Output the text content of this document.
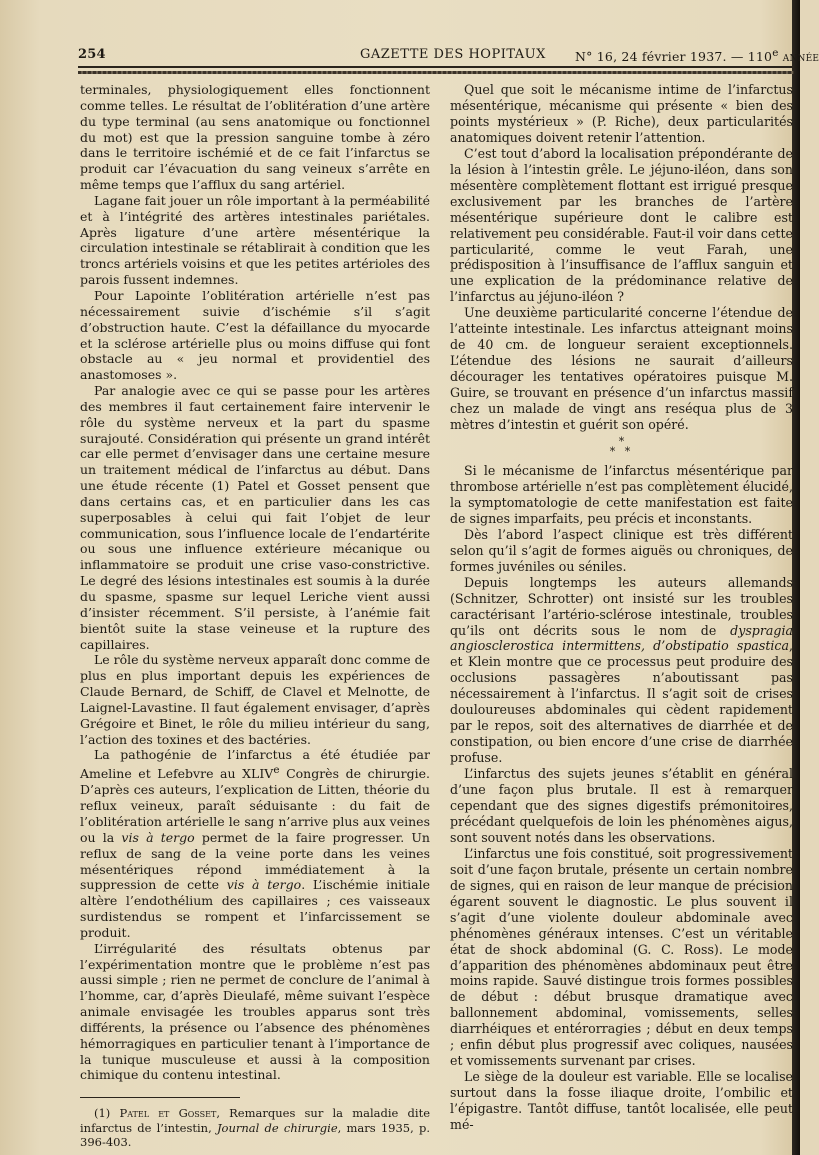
254	GAZETTE DES HOPITAUX N° 16, 24 février 1937. — 110e année

terminales, physiologiquement elles fonctionnent comme telles. Le résultat de l’oblitération d’une artère du type terminal (au sens anatomique ou fonctionnel du mot) est que la pression sanguine tombe à zéro dans le territoire ischémié et de ce fait l’infarctus se produit car l’évacuation du sang veineux s’arrête en même temps que l’afflux du sang artériel.

Lagane fait jouer un rôle important à la perméabilité et à l’intégrité des artères intestinales pariétales. Après ligature d’une artère mésentérique la circulation intestinale se rétablirait à condition que les troncs artériels voisins et que les petites artérioles des parois fussent indemnes.

Pour Lapointe l’oblitération artérielle n’est pas nécessairement suivie d’ischémie s’il s’agit d’obstruction haute. C’est la défaillance du myocarde et la sclérose artérielle plus ou moins diffuse qui font obstacle au « jeu normal et providentiel des anastomoses ».

Par analogie avec ce qui se passe pour les artères des membres il faut certainement faire intervenir le rôle du système nerveux et la part du spasme surajouté. Considération qui présente un grand intérêt car elle permet d’envisager dans une certaine mesure un traitement médical de l’infarctus au début. Dans une étude récente (1) Patel et Gosset pensent que dans certains cas, et en particulier dans les cas superposables à celui qui fait l’objet de leur communication, sous l’influence locale de l’endartérite ou sous une influence extérieure mécanique ou inflammatoire se produit une crise vaso-constrictive. Le degré des lésions intestinales est soumis à la durée du spasme, spasme sur lequel Leriche vient aussi d’insister récemment. S’il persiste, à l’anémie fait bientôt suite la stase veineuse et la rupture des capillaires.

Le rôle du système nerveux apparaît donc comme de plus en plus important depuis les expériences de Claude Bernard, de Schiff, de Clavel et Melnotte, de Laignel-Lavastine. Il faut également envisager, d’après Grégoire et Binet, le rôle du milieu intérieur du sang, l’action des toxines et des bactéries.

La pathogénie de l’infarctus a été étudiée par Ameline et Lefebvre au XLIVe Congrès de chirurgie. D’après ces auteurs, l’explication de Litten, théorie du reflux veineux, paraît séduisante : du fait de l’oblitération artérielle le sang n’arrive plus aux veines ou la vis à tergo permet de la faire progresser. Un reflux de sang de la veine porte dans les veines mésentériques répond immédiatement à la suppression de cette vis à tergo. L’ischémie initiale altère l’endothélium des capillaires ; ces vaisseaux surdistendus se rompent et l’infarcissement se produit.

L’irrégularité des résultats obtenus par l’expérimentation montre que le problème n’est pas aussi simple ; rien ne permet de conclure de l’animal à l’homme, car, d’après Dieulafé, même suivant l’espèce animale envisagée les troubles apparus sont très différents, la présence ou l’absence des phénomènes hémorragiques en particulier tenant à l’importance de la tunique musculeuse et aussi à la composition chimique du contenu intestinal.

(1) Patel et Gosset, Remarques sur la maladie dite infarctus de l’intestin, Journal de chirurgie, mars 1935, p. 396-403.

Quel que soit le mécanisme intime de l’infarctus mésentérique, mécanisme qui présente « bien des points mystérieux » (P. Riche), deux particularités anatomiques doivent retenir l’attention.

C’est tout d’abord la localisation prépondérante de la lésion à l’intestin grêle. Le jéjuno-iléon, dans son mésentère complètement flottant est irrigué presque exclusivement par les branches de l’artère mésentérique supérieure dont le calibre est relativement peu considérable. Faut-il voir dans cette particularité, comme le veut Farah, une prédisposition à l’insuffisance de l’afflux sanguin et une explication de la prédominance relative de l’infarctus au jéjuno-iléon ?

Une deuxième particularité concerne l’étendue de l’atteinte intestinale. Les infarctus atteignant moins de 40 cm. de longueur seraient exceptionnels. L’étendue des lésions ne saurait d’ailleurs décourager les tentatives opératoires puisque M. Guire, se trouvant en présence d’un infarctus massif chez un malade de vingt ans reséqua plus de 3 mètres d’intestin et guérit son opéré.

*
* *

Si le mécanisme de l’infarctus mésentérique par thrombose artérielle n’est pas complètement élucidé, la symptomatologie de cette manifestation est faite de signes imparfaits, peu précis et inconstants.

Dès l’abord l’aspect clinique est très différent selon qu’il s’agit de formes aiguës ou chroniques, de formes juvéniles ou séniles.

Depuis longtemps les auteurs allemands (Schnitzer, Schrotter) ont insisté sur les troubles caractérisant l’artério-sclérose intestinale, troubles qu’ils ont décrits sous le nom de dyspragia angiosclerostica intermittens, d’obstipatio spastica, et Klein montre que ce processus peut produire des occlusions passagères n’aboutissant pas nécessairement à l’infarctus. Il s’agit soit de crises douloureuses abdominales qui cèdent rapidement par le repos, soit des alternatives de diarrhée et de constipation, ou bien encore d’une crise de diarrhée profuse.

L’infarctus des sujets jeunes s’établit en général d’une façon plus brutale. Il est à remarquer cependant que des signes digestifs prémonitoires, précédant quelquefois de loin les phénomènes aigus, sont souvent notés dans les observations.

L’infarctus une fois constitué, soit progressivement soit d’une façon brutale, présente un certain nombre de signes, qui en raison de leur manque de précision égarent souvent le diagnostic. Le plus souvent il s’agit d’une violente douleur abdominale avec phénomènes généraux intenses. C’est un véritable état de shock abdominal (G. C. Ross). Le mode d’apparition des phénomènes abdominaux peut être moins rapide. Sauvé distingue trois formes possibles de début : début brusque dramatique avec ballonnement abdominal, vomissements, selles diarrhéiques et entérorragies ; début en deux temps ; enfin début plus progressif avec coliques, nausées et vomissements survenant par crises.

Le siège de la douleur est variable. Elle se localise surtout dans la fosse iliaque droite, l’ombilic et l’épigastre. Tantôt diffuse, tantôt localisée, elle peut mé-
